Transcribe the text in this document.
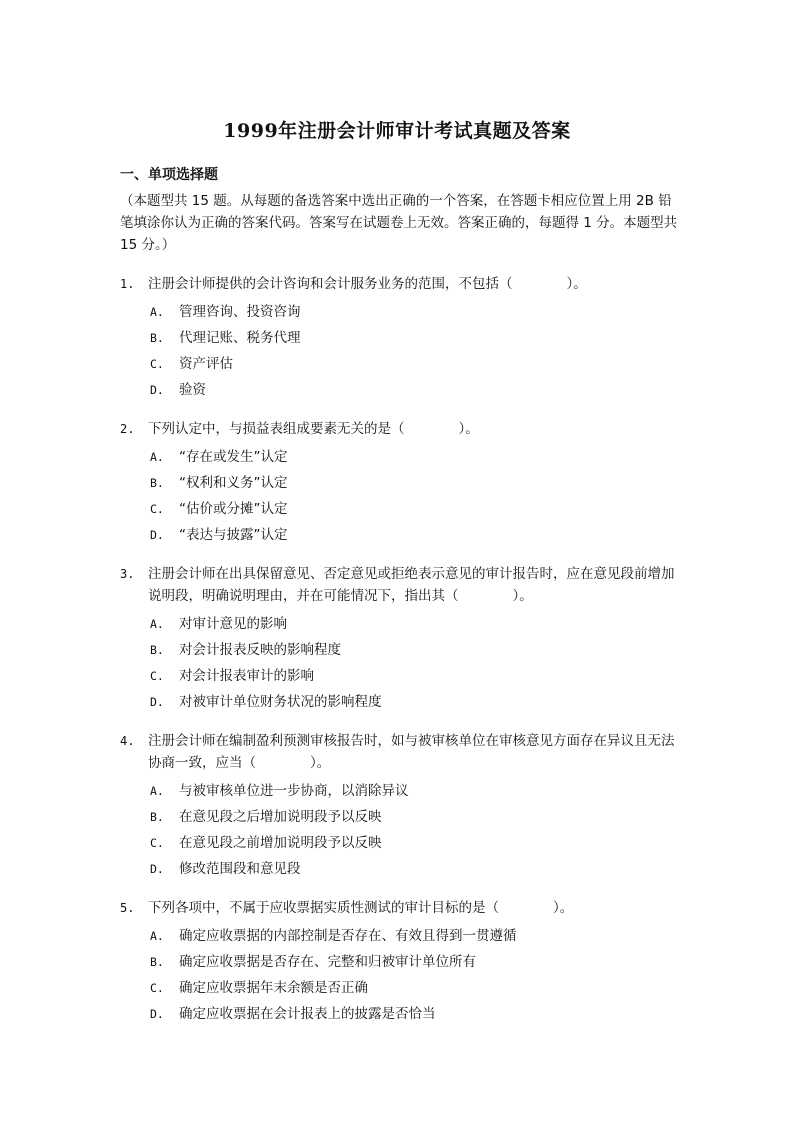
1999年注册会计师审计考试真题及答案
一、单项选择题
（本题型共 15 题。从每题的备选答案中选出正确的一个答案，在答题卡相应位置上用 2B 铅笔填涂你认为正确的答案代码。答案写在试题卷上无效。答案正确的，每题得 1 分。本题型共 15 分。）
1. 注册会计师提供的会计咨询和会计服务业务的范围，不包括（　　　　）。
A. 管理咨询、投资咨询
B. 代理记账、税务代理
C. 资产评估
D. 验资
2. 下列认定中，与损益表组成要素无关的是（　　　　）。
A. “存在或发生”认定
B. “权利和义务”认定
C. “估价或分摊”认定
D. “表达与披露”认定
3. 注册会计师在出具保留意见、否定意见或拒绝表示意见的审计报告时，应在意见段前增加说明段，明确说明理由，并在可能情况下，指出其（　　　　）。
A. 对审计意见的影响
B. 对会计报表反映的影响程度
C. 对会计报表审计的影响
D. 对被审计单位财务状况的影响程度
4. 注册会计师在编制盈利预测审核报告时，如与被审核单位在审核意见方面存在异议且无法协商一致，应当（　　　　）。
A. 与被审核单位进一步协商，以消除异议
B. 在意见段之后增加说明段予以反映
C. 在意见段之前增加说明段予以反映
D. 修改范围段和意见段
5. 下列各项中，不属于应收票据实质性测试的审计目标的是（　　　　）。
A. 确定应收票据的内部控制是否存在、有效且得到一贯遵循
B. 确定应收票据是否存在、完整和归被审计单位所有
C. 确定应收票据年末余额是否正确
D. 确定应收票据在会计报表上的披露是否恰当
